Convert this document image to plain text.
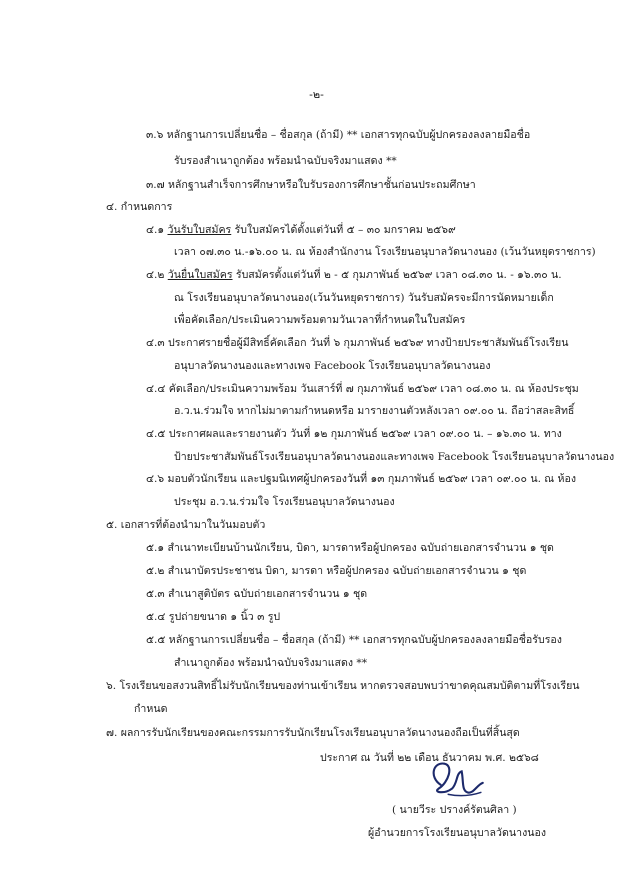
-๒-
๓.๖ หลักฐานการเปลี่ยนชื่อ – ชื่อสกุล (ถ้ามี) ** เอกสารทุกฉบับผู้ปกครองลงลายมือชื่อ
รับรองสำเนาถูกต้อง พร้อมนำฉบับจริงมาแสดง **
๓.๗ หลักฐานสำเร็จการศึกษาหรือใบรับรองการศึกษาชั้นก่อนประถมศึกษา
๔. กำหนดการ
๔.๑ วันรับใบสมัคร รับใบสมัครได้ตั้งแต่วันที่ ๕ – ๓๐ มกราคม ๒๕๖๙
เวลา ๐๗.๓๐ น.-๑๖.๐๐ น. ณ ห้องสำนักงาน โรงเรียนอนุบาลวัดนางนอง (เว้นวันหยุดราชการ)
๔.๒ วันยื่นใบสมัคร รับสมัครตั้งแต่วันที่ ๒ - ๕ กุมภาพันธ์ ๒๕๖๙ เวลา ๐๘.๓๐ น. - ๑๖.๓๐ น.
ณ โรงเรียนอนุบาลวัดนางนอง(เว้นวันหยุดราชการ) วันรับสมัครจะมีการนัดหมายเด็ก
เพื่อคัดเลือก/ประเมินความพร้อมตามวันเวลาที่กำหนดในใบสมัคร
๔.๓ ประกาศรายชื่อผู้มีสิทธิ์คัดเลือก วันที่ ๖ กุมภาพันธ์ ๒๕๖๙ ทางป้ายประชาสัมพันธ์โรงเรียน
อนุบาลวัดนางนองและทางเพจ Facebook โรงเรียนอนุบาลวัดนางนอง
๔.๔ คัดเลือก/ประเมินความพร้อม วันเสาร์ที่ ๗ กุมภาพันธ์ ๒๕๖๙ เวลา ๐๘.๓๐ น. ณ ห้องประชุม
อ.ว.น.ร่วมใจ หากไม่มาตามกำหนดหรือ มารายงานตัวหลังเวลา ๐๙.๐๐ น. ถือว่าสละสิทธิ์
๔.๕ ประกาศผลและรายงานตัว วันที่ ๑๒ กุมภาพันธ์ ๒๕๖๙ เวลา ๐๙.๐๐ น. – ๑๖.๓๐ น. ทาง
ป้ายประชาสัมพันธ์โรงเรียนอนุบาลวัดนางนองและทางเพจ Facebook โรงเรียนอนุบาลวัดนางนอง
๔.๖ มอบตัวนักเรียน และปฐมนิเทศผู้ปกครองวันที่ ๑๓ กุมภาพันธ์ ๒๕๖๙ เวลา ๐๙.๐๐ น. ณ ห้อง
ประชุม อ.ว.น.ร่วมใจ โรงเรียนอนุบาลวัดนางนอง
๕. เอกสารที่ต้องนำมาในวันมอบตัว
๕.๑ สำเนาทะเบียนบ้านนักเรียน, บิดา, มารดาหรือผู้ปกครอง ฉบับถ่ายเอกสารจำนวน ๑ ชุด
๕.๒ สำเนาบัตรประชาชน บิดา, มารดา หรือผู้ปกครอง ฉบับถ่ายเอกสารจำนวน ๑ ชุด
๕.๓ สำเนาสูติบัตร ฉบับถ่ายเอกสารจำนวน ๑ ชุด
๕.๔ รูปถ่ายขนาด ๑ นิ้ว ๓ รูป
๕.๕ หลักฐานการเปลี่ยนชื่อ – ชื่อสกุล (ถ้ามี) ** เอกสารทุกฉบับผู้ปกครองลงลายมือชื่อรับรอง
สำเนาถูกต้อง พร้อมนำฉบับจริงมาแสดง **
๖. โรงเรียนขอสงวนสิทธิ์ไม่รับนักเรียนของท่านเข้าเรียน หากตรวจสอบพบว่าขาดคุณสมบัติตามที่โรงเรียน
กำหนด
๗. ผลการรับนักเรียนของคณะกรรมการรับนักเรียนโรงเรียนอนุบาลวัดนางนองถือเป็นที่สิ้นสุด
ประกาศ ณ วันที่ ๒๒ เดือน ธันวาคม พ.ศ. ๒๕๖๘
( นายวีระ ปรางค์รัตนศิลา )
ผู้อำนวยการโรงเรียนอนุบาลวัดนางนอง
